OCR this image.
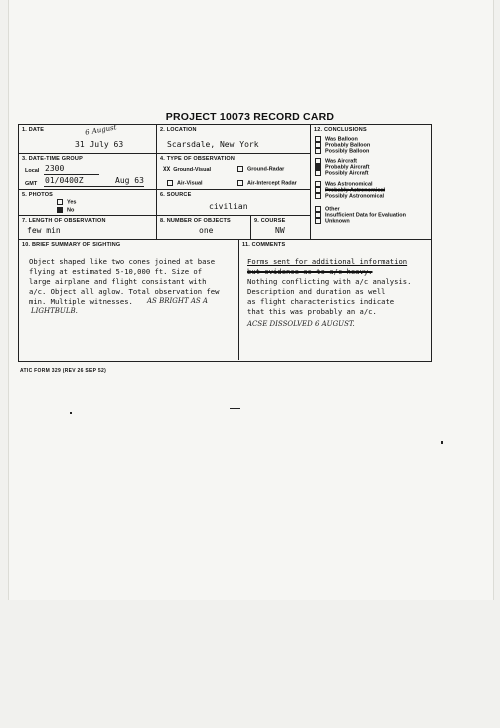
PROJECT 10073 RECORD CARD
1. DATE	6 August
31 July 63
2. LOCATION
Scarsdale, New York
3. DATE-TIME GROUP
Local 2300
GMT 01/0400Z	Aug 63
4. TYPE OF OBSERVATION
XX Ground-Visual	Ground-Radar
Air-Visual	Air-Intercept Radar
5. PHOTOS
Yes
No
6. SOURCE
civilian
7. LENGTH OF OBSERVATION
few min
8. NUMBER OF OBJECTS
one
9. COURSE
NW
12. CONCLUSIONS
Was Balloon
Probably Balloon
Possibly Balloon
Was Aircraft
Probably Aircraft
Possibly Aircraft
Was Astronomical
Probably Astronomical
Possibly Astronomical
Other
Insufficient Data for Evaluation
Unknown
10. BRIEF SUMMARY OF SIGHTING
Object shaped like two cones joined at base
flying at estimated 5-10,000 ft. Size of
large airplane and flight consistant with
a/c. Object all aglow. Total observation few
min. Multiple witnesses. AS BRIGHT AS A
LIGHTBULB.
11. COMMENTS
Forms sent for additional information
but evidence as to a/c heavy.
Nothing conflicting with a/c analysis.
Description and duration as well
as flight characteristics indicate
that this was probably an a/c.
ACSE DISSOLVED 6 AUGUST.
ATIC FORM 329 (REV 26 SEP 52)
